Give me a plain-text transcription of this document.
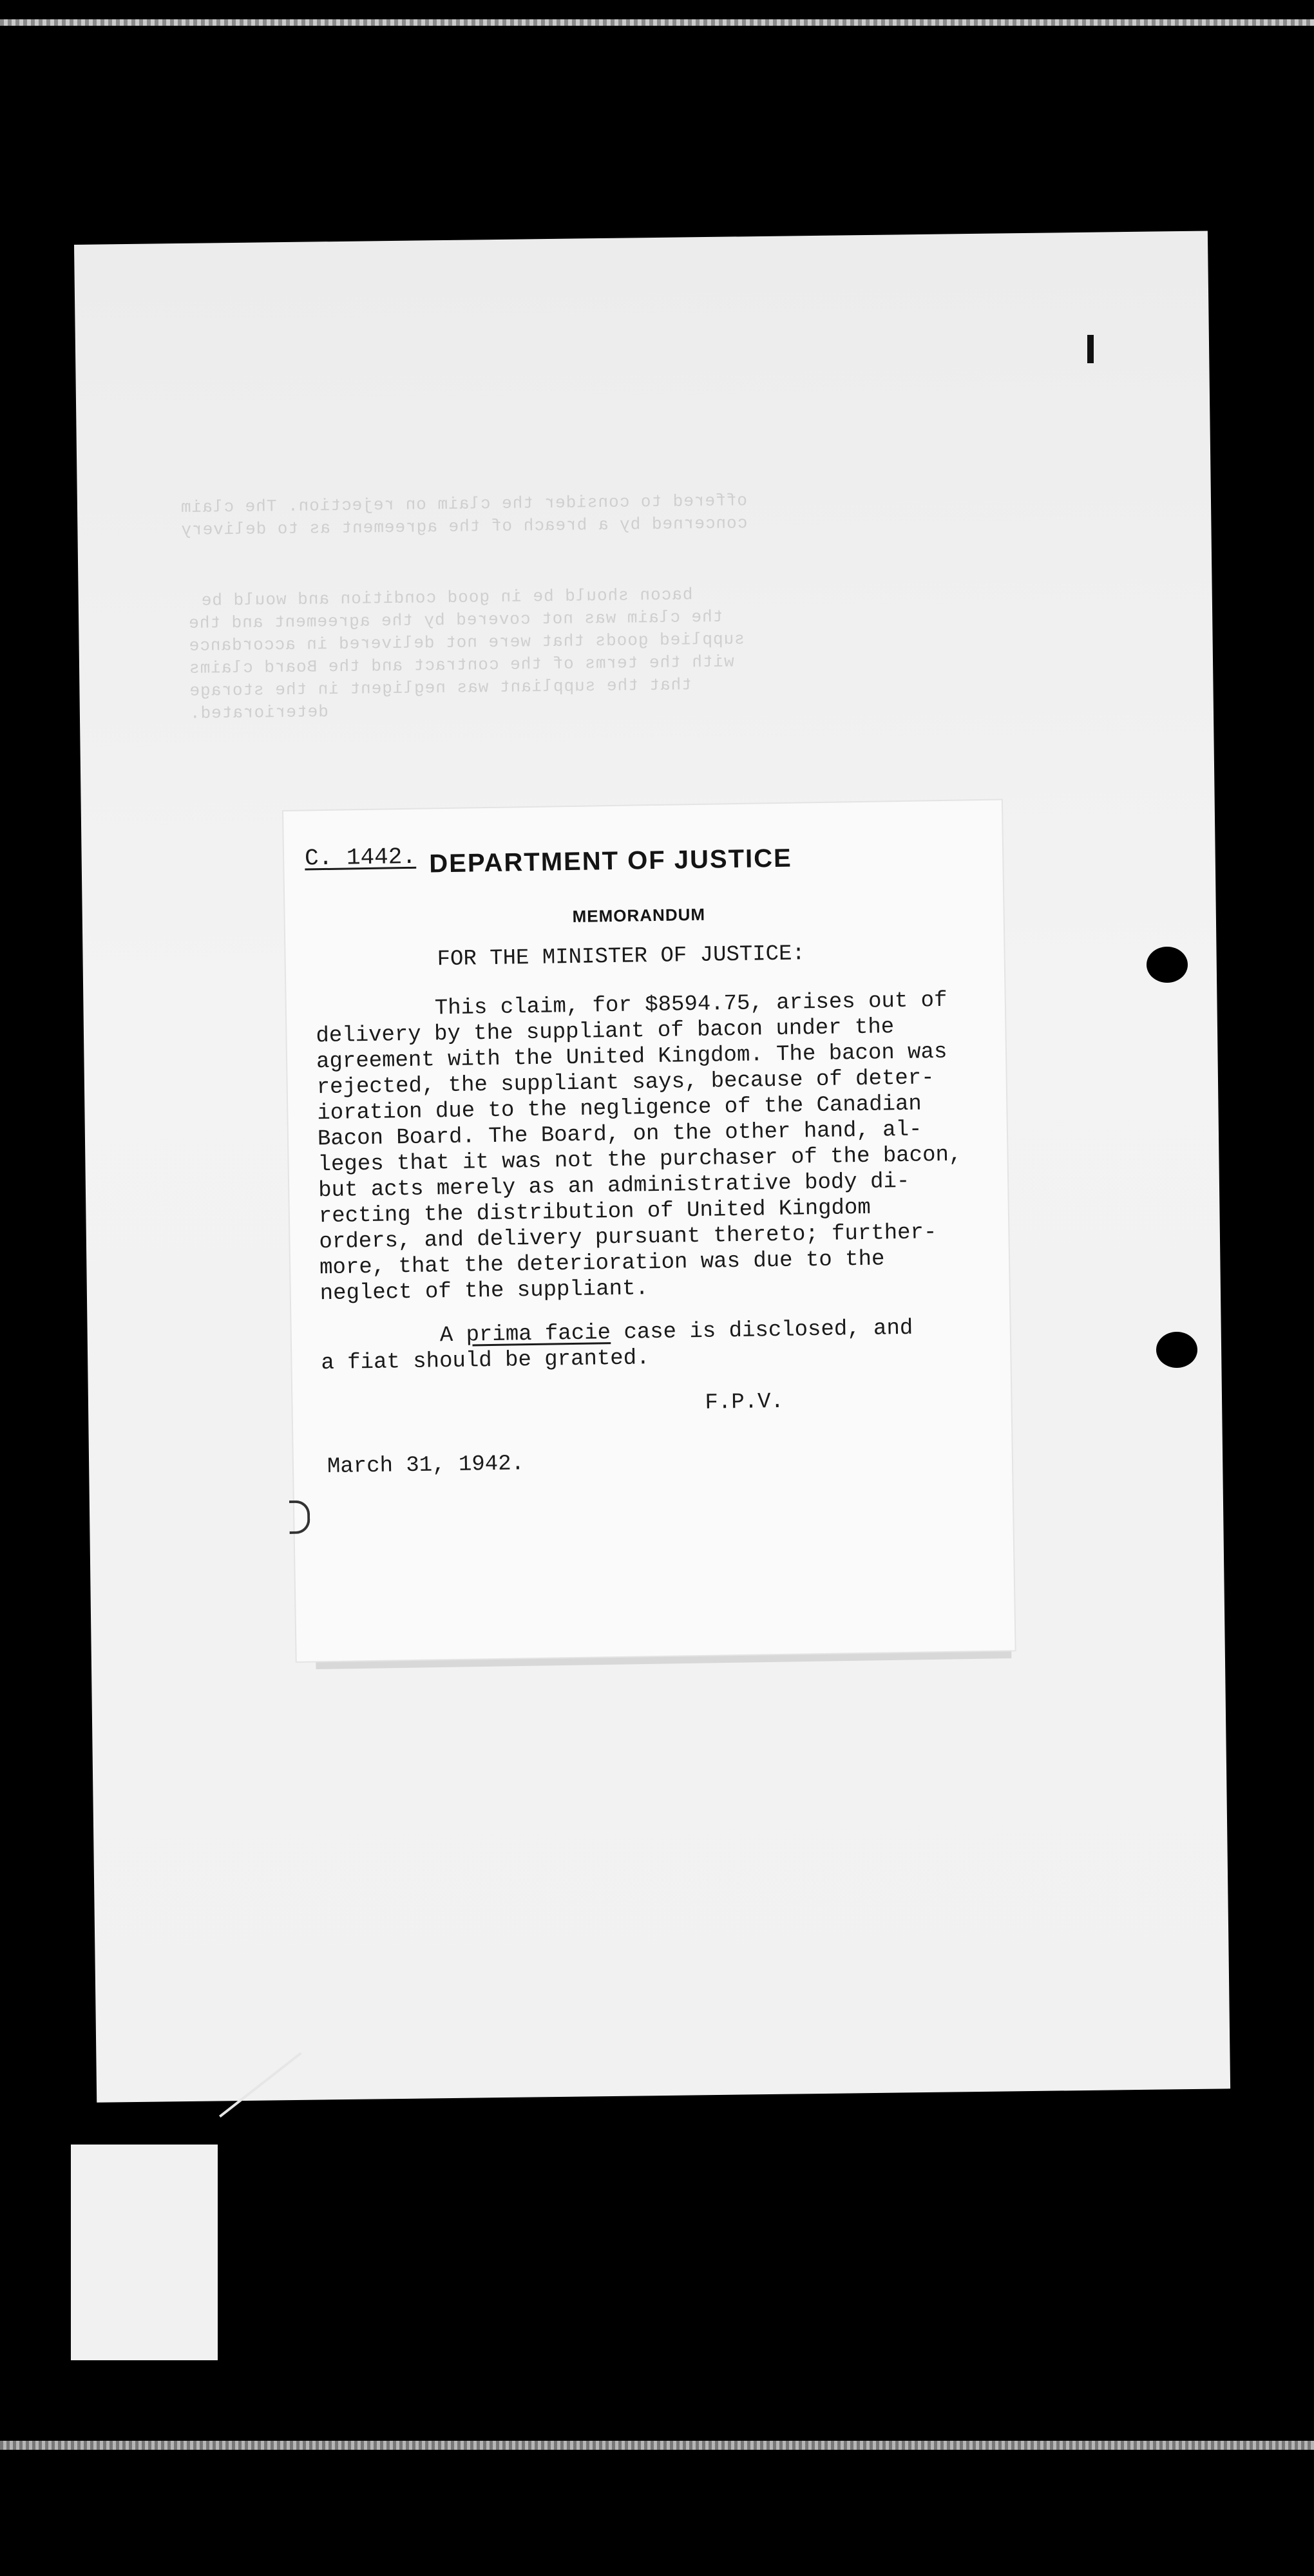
offered to consider the claim on rejection. The claim
concerned by a breach of the agreement as to delivery
bacon should be in good condition and would be
the claim was not covered by the agreement and the
supplied goods that were not delivered in accordance
with the terms of the contract and the Board claims
that the suppliant was negligent in the storage
deteriorated.
C. 1442. DEPARTMENT OF JUSTICE
MEMORANDUM
FOR THE MINISTER OF JUSTICE:
This claim, for $8594.75, arises out of
delivery by the suppliant of bacon under the
agreement with the United Kingdom. The bacon was
rejected, the suppliant says, because of deter-
ioration due to the negligence of the Canadian
Bacon Board. The Board, on the other hand, al-
leges that it was not the purchaser of the bacon,
but acts merely as an administrative body di-
recting the distribution of United Kingdom
orders, and delivery pursuant thereto; further-
more, that the deterioration was due to the
neglect of the suppliant.
A prima facie case is disclosed, and
a fiat should be granted.
F.P.V.
March 31, 1942.
